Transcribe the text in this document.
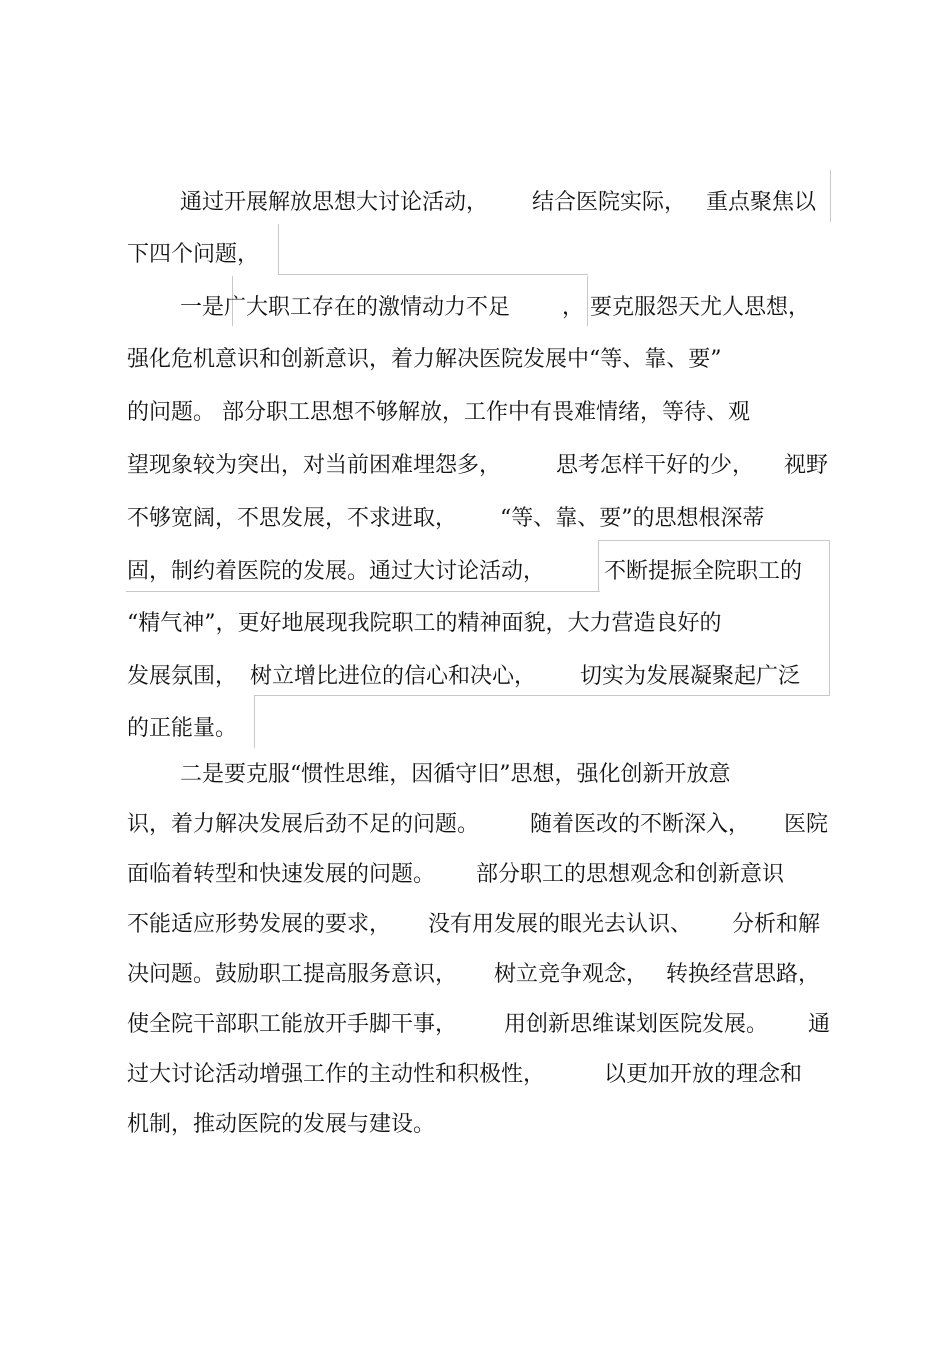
通过开展解放思想大讨论活动，

结合医院实际，

重点聚焦以

下四个问题，

一是广大职工存在的激情动力不足

，

要克服怨天尤人思想，

强化危机意识和创新意识，着力解决医院发展中“等、靠、要”

的问题。 部分职工思想不够解放，工作中有畏难情绪，等待、观

望现象较为突出，对当前困难埋怨多，

思考怎样干好的少，

视野

不够宽阔，不思发展，不求进取，

“等、靠、要”的思想根深蒂

固，制约着医院的发展。通过大讨论活动，

	不断提振全院职工的

“精气神”，更好地展现我院职工的精神面貌，大力营造良好的

发展氛围，

树立增比进位的信心和决心，

切实为发展凝聚起广泛

的正能量。

二是要克服“惯性思维，因循守旧”思想，强化创新开放意

识，着力解决发展后劲不足的问题。

随着医改的不断深入，

医院

面临着转型和快速发展的问题。

部分职工的思想观念和创新意识

不能适应形势发展的要求，

没有用发展的眼光去认识、

分析和解

决问题。鼓励职工提高服务意识，

树立竞争观念，

转换经营思路，

使全院干部职工能放开手脚干事，

用创新思维谋划医院发展。

通

过大讨论活动增强工作的主动性和积极性，

	以更加开放的理念和

机制，推动医院的发展与建设。
